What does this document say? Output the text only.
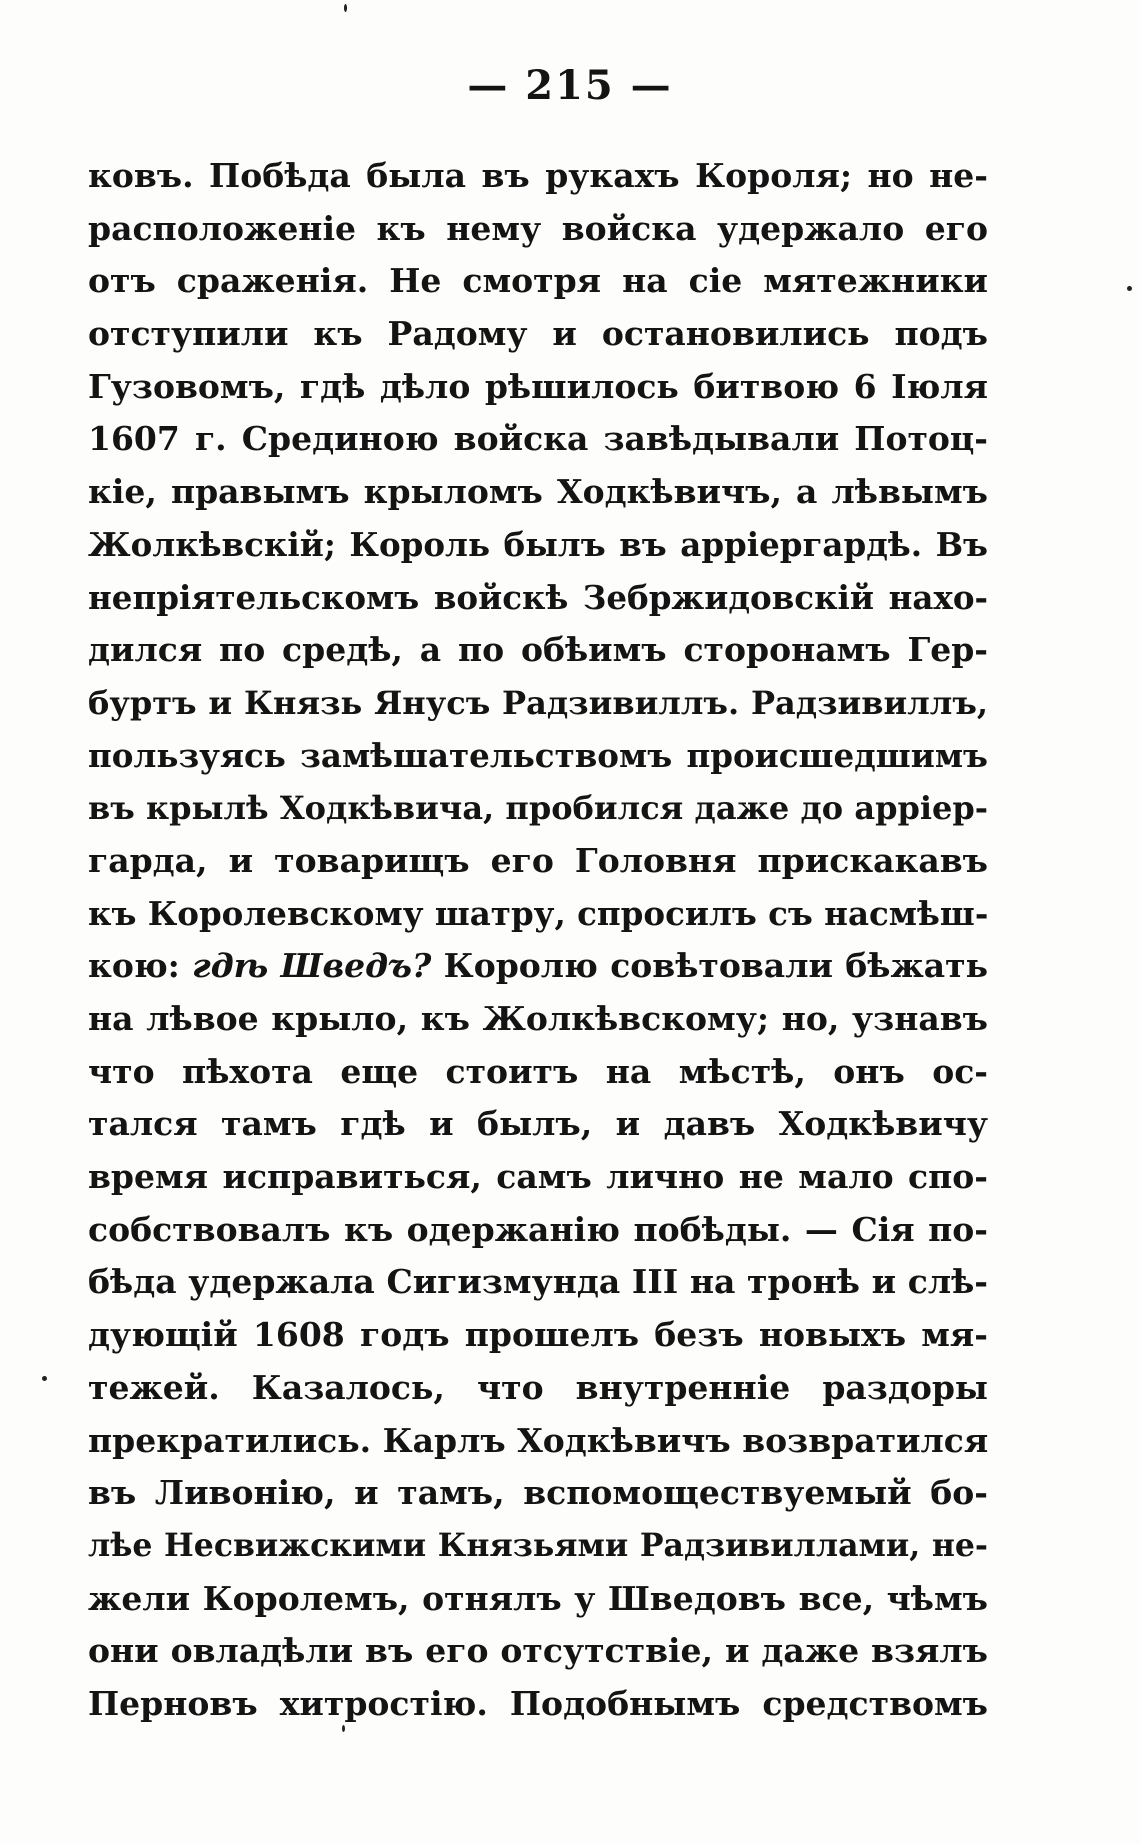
— 215 —
ковъ. Побѣда была въ рукахъ Короля; но не-
расположеніе къ нему войска удержало его
отъ сраженія. Не смотря на сіе мятежники
отступили къ Радому и остановились подъ
Гузовомъ, гдѣ дѣло рѣшилось битвою 6 Іюля
1607 г. Срединою войска завѣдывали Потоц-
кіе, правымъ крыломъ Ходкѣвичъ, а лѣвымъ
Жолкѣвскій; Король былъ въ арріергардѣ. Въ
непріятельскомъ войскѣ Зебржидовскій нахо-
дился по средѣ, а по обѣимъ сторонамъ Гер-
буртъ и Князь Янусъ Радзивиллъ. Радзивиллъ,
пользуясь замѣшательствомъ происшедшимъ
въ крылѣ Ходкѣвича, пробился даже до арріер-
гарда, и товарищъ его Головня прискакавъ
къ Королевскому шатру, спросилъ съ насмѣш-
кою: гдѣ Шведъ? Королю совѣтовали бѣжать
на лѣвое крыло, къ Жолкѣвскому; но, узнавъ
что пѣхота еще стоитъ на мѣстѣ, онъ ос-
тался тамъ гдѣ и былъ, и давъ Ходкѣвичу
время исправиться, самъ лично не мало спо-
собствовалъ къ одержанію побѣды. — Сія по-
бѣда удержала Сигизмунда III на тронѣ и слѣ-
дующій 1608 годъ прошелъ безъ новыхъ мя-
тежей. Казалось, что внутренніе раздоры
прекратились. Карлъ Ходкѣвичъ возвратился
въ Ливонію, и тамъ, вспомоществуемый бо-
лѣе Несвижскими Князьями Радзивиллами, не-
жели Королемъ, отнялъ у Шведовъ все, чѣмъ
они овладѣли въ его отсутствіе, и даже взялъ
Перновъ хитростію. Подобнымъ средствомъ
